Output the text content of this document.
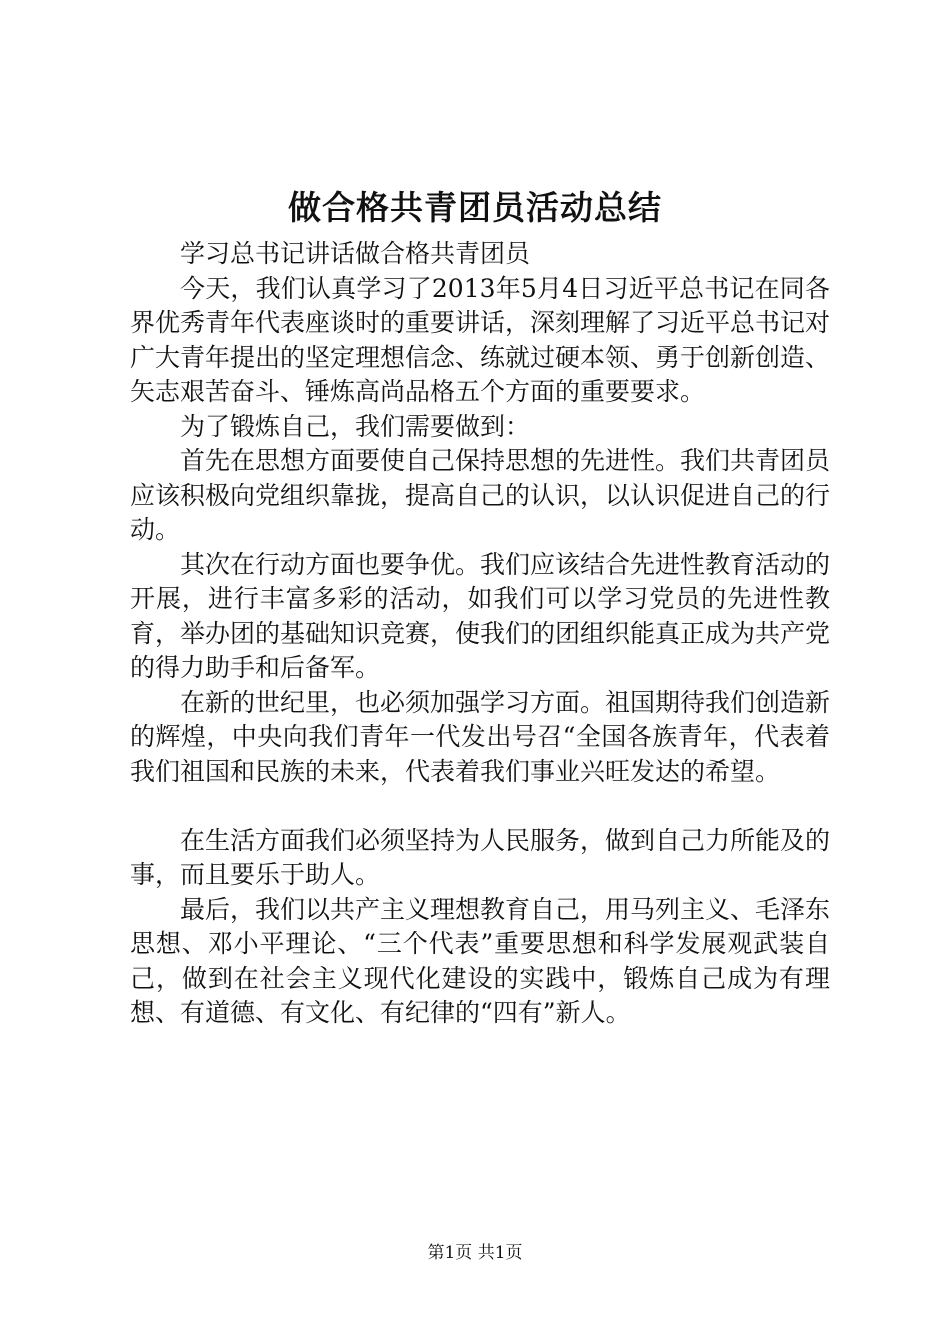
做合格共青团员活动总结

学习总书记讲话做合格共青团员

今天，我们认真学习了2013年5月4日习近平总书记在同各界优秀青年代表座谈时的重要讲话，深刻理解了习近平总书记对广大青年提出的坚定理想信念、练就过硬本领、勇于创新创造、矢志艰苦奋斗、锤炼高尚品格五个方面的重要要求。

为了锻炼自己，我们需要做到：

首先在思想方面要使自己保持思想的先进性。我们共青团员应该积极向党组织靠拢，提高自己的认识，以认识促进自己的行动。

其次在行动方面也要争优。我们应该结合先进性教育活动的开展，进行丰富多彩的活动，如我们可以学习党员的先进性教育，举办团的基础知识竞赛，使我们的团组织能真正成为共产党的得力助手和后备军。

在新的世纪里，也必须加强学习方面。祖国期待我们创造新的辉煌，中央向我们青年一代发出号召“全国各族青年，代表着我们祖国和民族的未来，代表着我们事业兴旺发达的希望。

在生活方面我们必须坚持为人民服务，做到自己力所能及的事，而且要乐于助人。

最后，我们以共产主义理想教育自己，用马列主义、毛泽东思想、邓小平理论、“三个代表”重要思想和科学发展观武装自己，做到在社会主义现代化建设的实践中，锻炼自己成为有理想、有道德、有文化、有纪律的“四有”新人。

第1页 共1页
